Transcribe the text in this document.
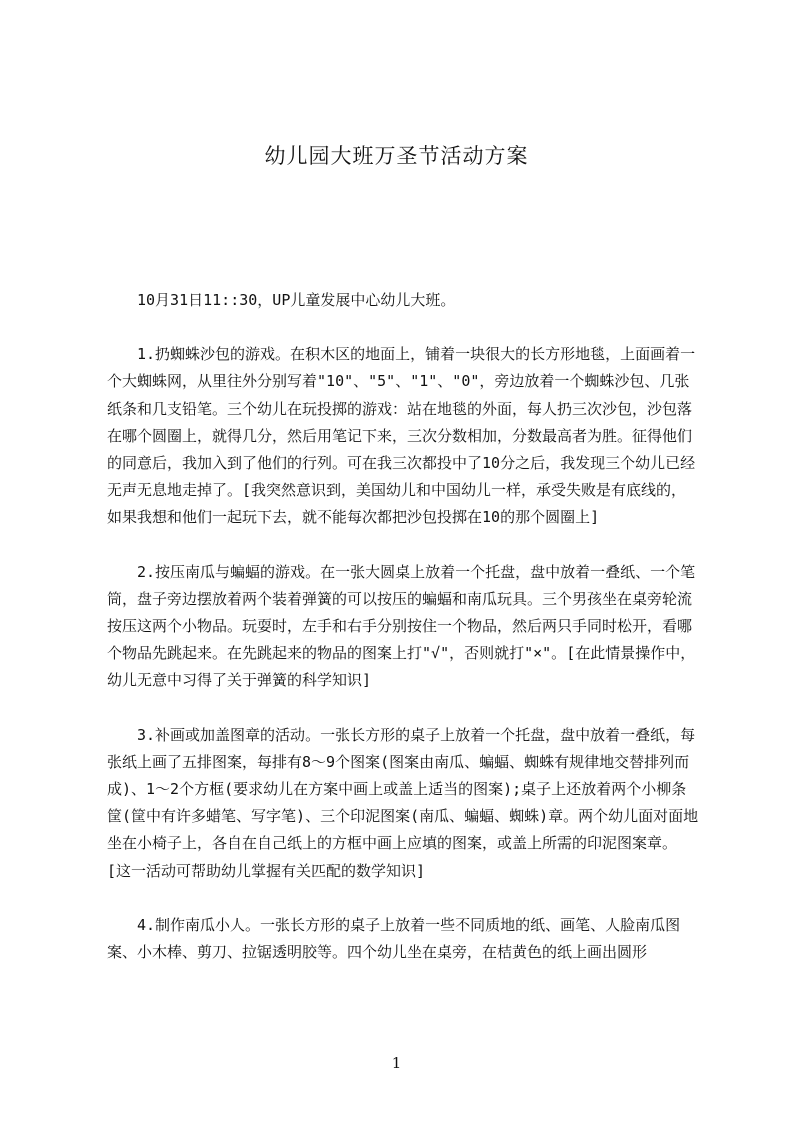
幼儿园大班万圣节活动方案

10月31日11::30，UP儿童发展中心幼儿大班。

1.扔蜘蛛沙包的游戏。在积木区的地面上，铺着一块很大的长方形地毯，上面画着一个大蜘蛛网，从里往外分别写着"10"、"5"、"1"、"0"，旁边放着一个蜘蛛沙包、几张纸条和几支铅笔。三个幼儿在玩投掷的游戏：站在地毯的外面，每人扔三次沙包，沙包落在哪个圆圈上，就得几分，然后用笔记下来，三次分数相加，分数最高者为胜。征得他们的同意后，我加入到了他们的行列。可在我三次都投中了10分之后，我发现三个幼儿已经无声无息地走掉了。[我突然意识到，美国幼儿和中国幼儿一样，承受失败是有底线的，如果我想和他们一起玩下去，就不能每次都把沙包投掷在10的那个圆圈上]

2.按压南瓜与蝙蝠的游戏。在一张大圆桌上放着一个托盘，盘中放着一叠纸、一个笔筒，盘子旁边摆放着两个装着弹簧的可以按压的蝙蝠和南瓜玩具。三个男孩坐在桌旁轮流按压这两个小物品。玩耍时，左手和右手分别按住一个物品，然后两只手同时松开，看哪个物品先跳起来。在先跳起来的物品的图案上打"√"，否则就打"×"。[在此情景操作中，幼儿无意中习得了关于弹簧的科学知识]

3.补画或加盖图章的活动。一张长方形的桌子上放着一个托盘，盘中放着一叠纸，每张纸上画了五排图案，每排有8～9个图案(图案由南瓜、蝙蝠、蜘蛛有规律地交替排列而成)、1～2个方框(要求幼儿在方案中画上或盖上适当的图案);桌子上还放着两个小柳条筐(筐中有许多蜡笔、写字笔)、三个印泥图案(南瓜、蝙蝠、蜘蛛)章。两个幼儿面对面地坐在小椅子上，各自在自己纸上的方框中画上应填的图案，或盖上所需的印泥图案章。[这一活动可帮助幼儿掌握有关匹配的数学知识]

4.制作南瓜小人。一张长方形的桌子上放着一些不同质地的纸、画笔、人脸南瓜图案、小木棒、剪刀、拉锯透明胶等。四个幼儿坐在桌旁，在桔黄色的纸上画出圆形

1
